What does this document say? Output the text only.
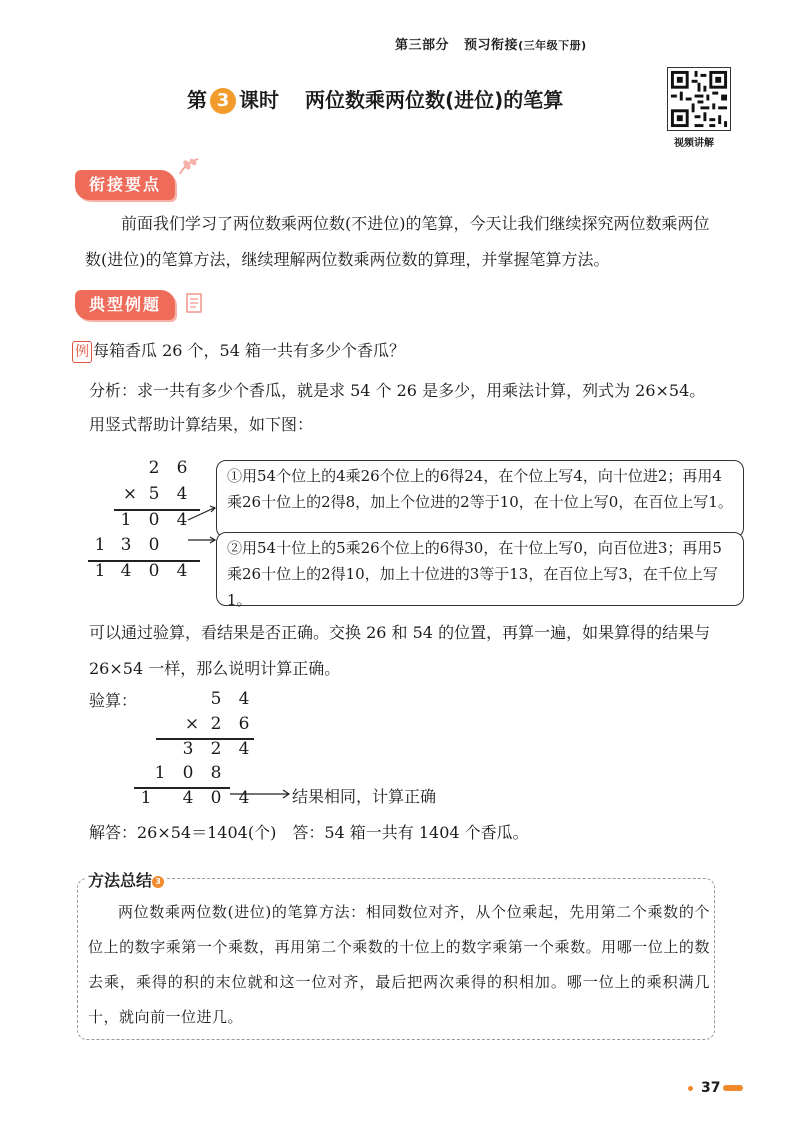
第三部分 预习衔接(三年级下册)
第 3 课时 两位数乘两位数(进位)的笔算
视频讲解
衔接要点
前面我们学习了两位数乘两位数(不进位)的笔算，今天让我们继续探究两位数乘两位数(进位)的笔算方法，继续理解两位数乘两位数的算理，并掌握笔算方法。
典型例题
例 每箱香瓜 26 个，54 箱一共有多少个香瓜？
分析：求一共有多少个香瓜，就是求 54 个 26 是多少，用乘法计算，列式为 26×54。
用竖式帮助计算结果，如下图：
2	6
× 5	4
1	0	4
1 3	0
1 4	0	4
①用54个位上的4乘26个位上的6得24，在个位上写4，向十位进2；再用4乘26十位上的2得8，加上个位进的2等于10，在十位上写0，在百位上写1。
②用54十位上的5乘26个位上的6得30，在十位上写0，向百位进3；再用5乘26十位上的2得10，加上十位进的3等于13，在百位上写3，在千位上写1。
可以通过验算，看结果是否正确。交换 26 和 54 的位置，再算一遍，如果算得的结果与 26×54 一样，那么说明计算正确。
验算：	5	4
× 2	6
3	2	4
1	0	8
1	4	0	4	结果相同，计算正确
解答：26×54＝1404(个)　答：54 箱一共有 1404 个香瓜。
方法总结 3
两位数乘两位数(进位)的笔算方法：相同数位对齐，从个位乘起，先用第二个乘数的个位上的数字乘第一个乘数，再用第二个乘数的十位上的数字乘第一个乘数。用哪一位上的数去乘，乘得的积的末位就和这一位对齐，最后把两次乘得的积相加。哪一位上的乘积满几十，就向前一位进几。
37
